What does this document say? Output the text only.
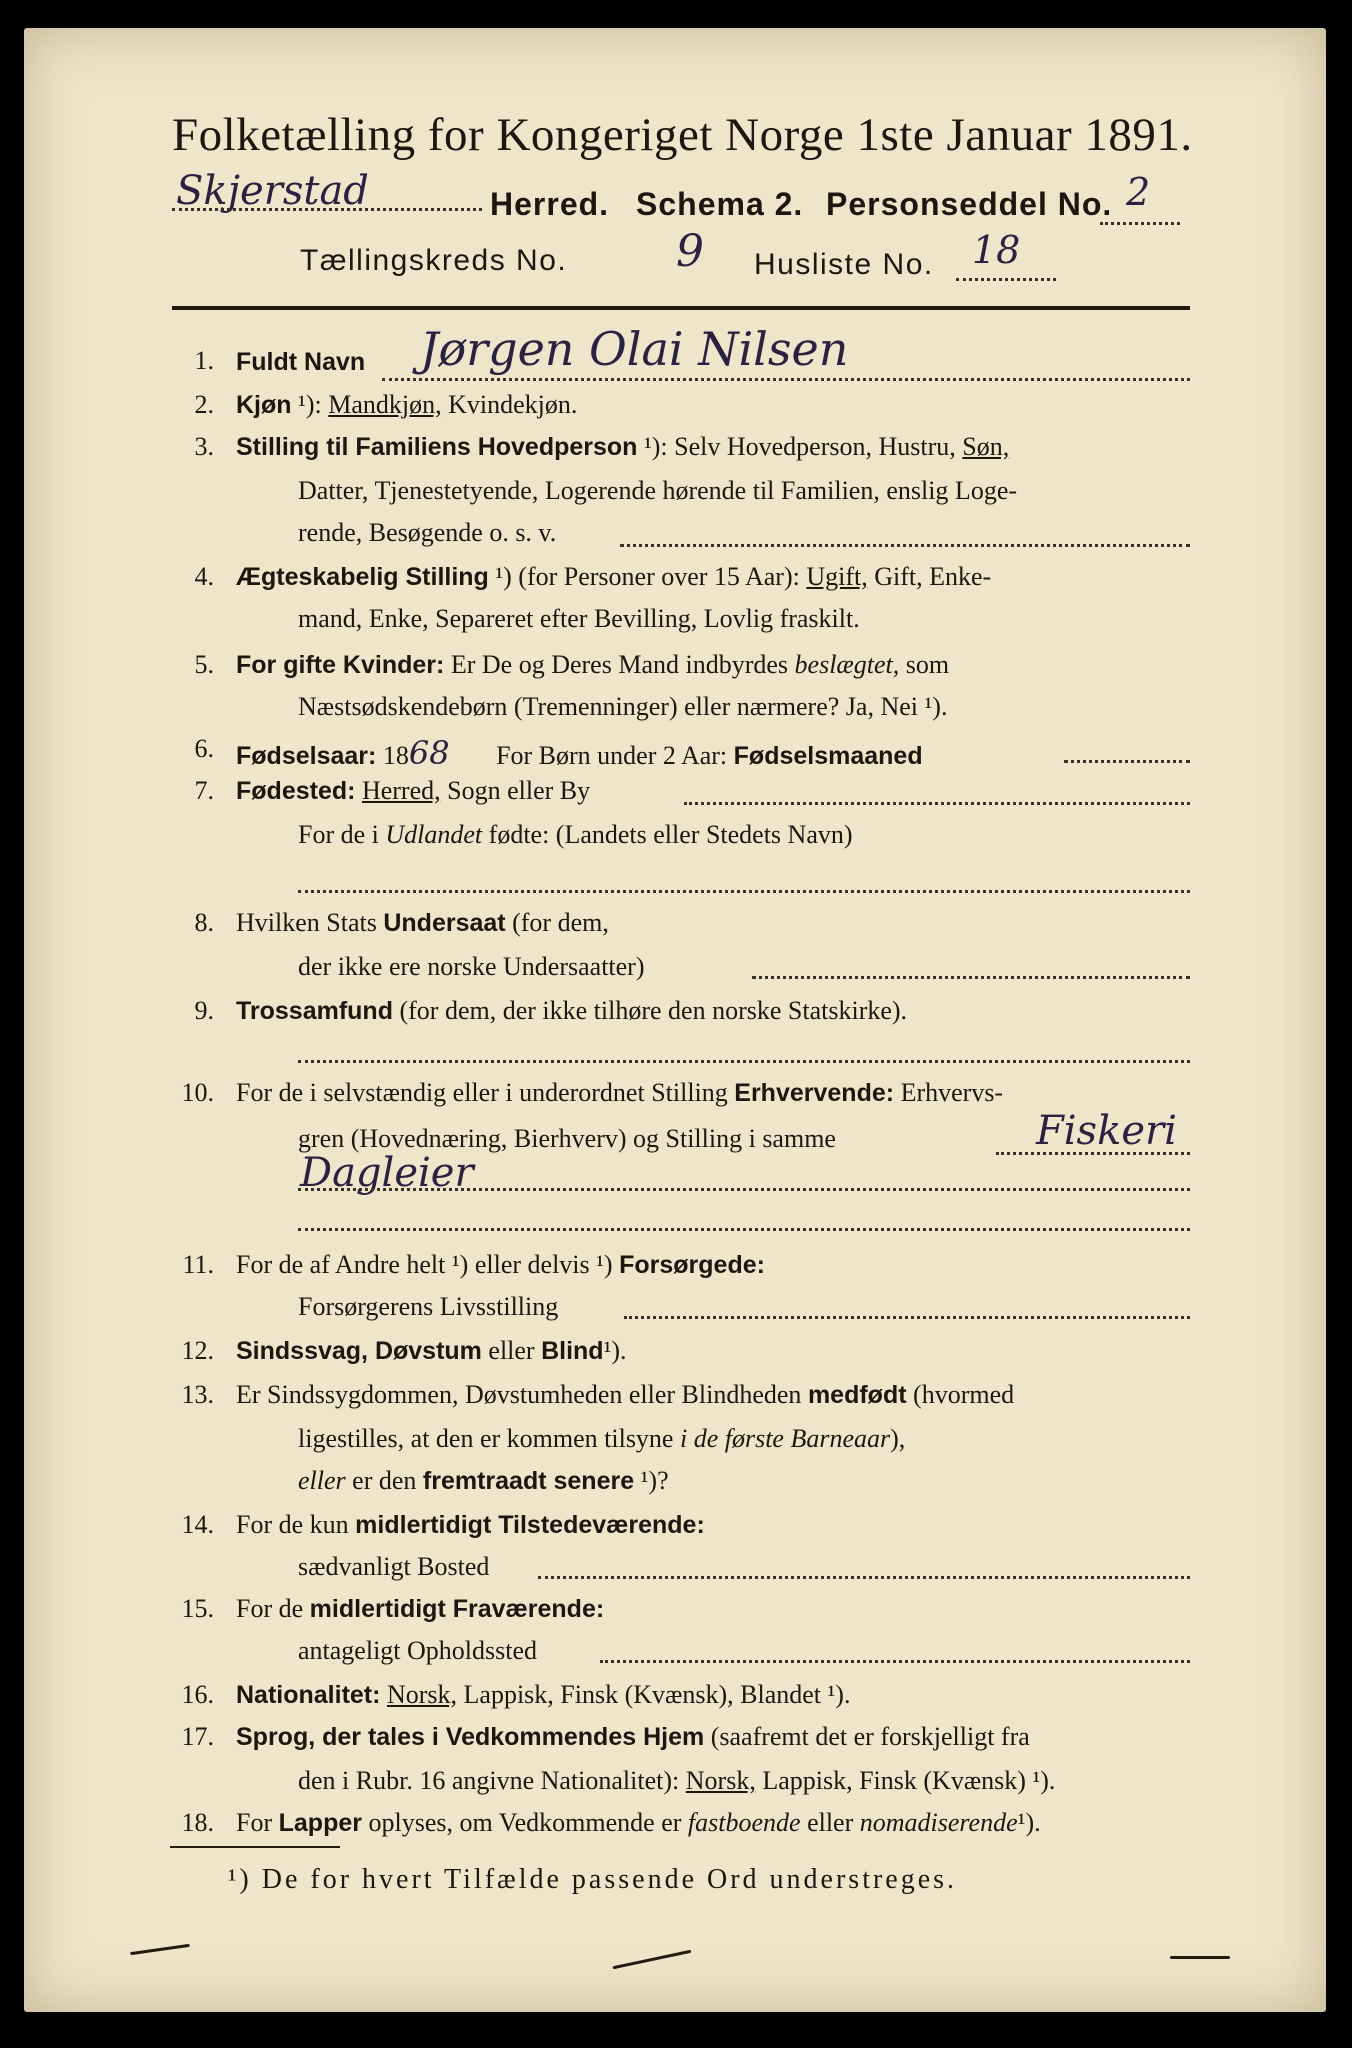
Folketælling for Kongeriget Norge 1ste Januar 1891.
Skjerstad	Herred. Schema 2. Personseddel No. 2
Tællingskreds No. 9 Husliste No. 18
1. Fuldt Navn Jørgen Olai Nilsen
2. Kjøn ¹): Mandkjøn, Kvindekjøn.
3. Stilling til Familiens Hovedperson ¹): Selv Hovedperson, Hustru, Søn,
Datter, Tjenestetyende, Logerende hørende til Familien, enslig Loge-
rende, Besøgende o. s. v.
4. Ægteskabelig Stilling ¹) (for Personer over 15 Aar): Ugift, Gift, Enke-
mand, Enke, Separeret efter Bevilling, Lovlig fraskilt.
5. For gifte Kvinder: Er De og Deres Mand indbyrdes beslægtet, som
Næstsødskendebørn (Tremenninger) eller nærmere? Ja, Nei ¹).
6. Fødselsaar: 1868 For Børn under 2 Aar: Fødselsmaaned
7. Fødested: Herred, Sogn eller By
For de i Udlandet fødte: (Landets eller Stedets Navn)
8. Hvilken Stats Undersaat (for dem,
der ikke ere norske Undersaatter)
9. Trossamfund (for dem, der ikke tilhøre den norske Statskirke).
10. For de i selvstændig eller i underordnet Stilling Erhvervende: Erhvervs-
gren (Hovednæring, Bierhverv) og Stilling i samme	Fiskeri
Dagleier
11. For de af Andre helt ¹) eller delvis ¹) Forsørgede:
Forsørgerens Livsstilling
12. Sindssvag, Døvstum eller Blind¹).
13. Er Sindssygdommen, Døvstumheden eller Blindheden medfødt (hvormed
ligestilles, at den er kommen tilsyne i de første Barneaar),
eller er den fremtraadt senere ¹)?
14. For de kun midlertidigt Tilstedeværende:
sædvanligt Bosted
15. For de midlertidigt Fraværende:
antageligt Opholdssted
16. Nationalitet: Norsk, Lappisk, Finsk (Kvænsk), Blandet ¹).
17. Sprog, der tales i Vedkommendes Hjem (saafremt det er forskjelligt fra
den i Rubr. 16 angivne Nationalitet): Norsk, Lappisk, Finsk (Kvænsk) ¹).
18. For Lapper oplyses, om Vedkommende er fastboende eller nomadiserende¹).
¹) De for hvert Tilfælde passende Ord understreges.
